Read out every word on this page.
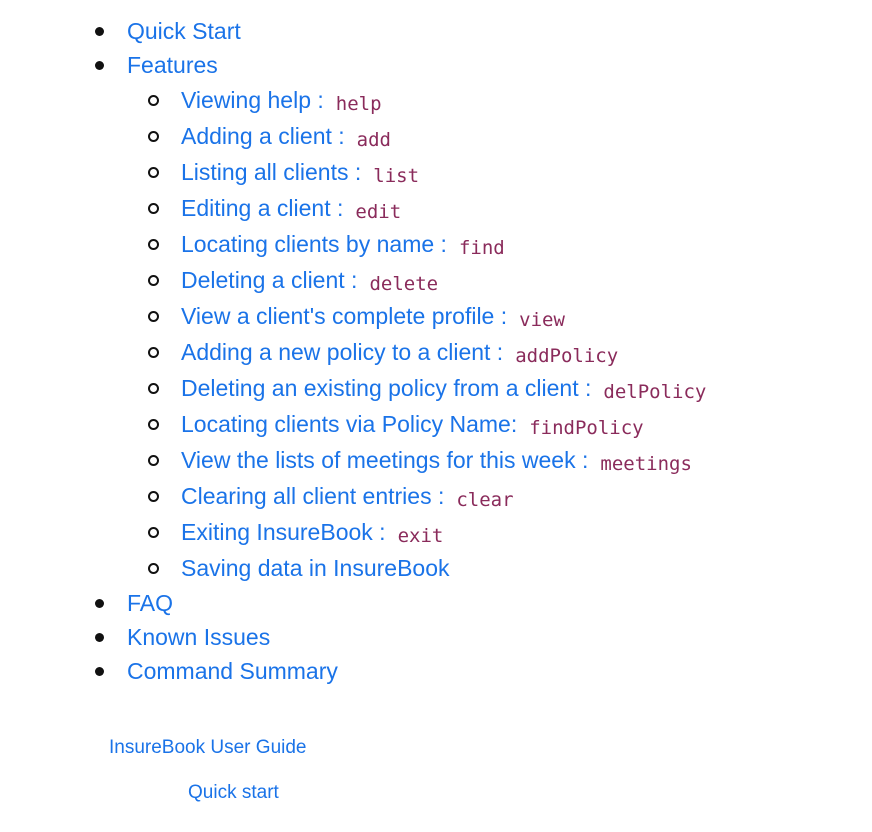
Quick Start
Features
Viewing help : help
Adding a client : add
Listing all clients : list
Editing a client : edit
Locating clients by name : find
Deleting a client : delete
View a client's complete profile : view
Adding a new policy to a client : addPolicy
Deleting an existing policy from a client : delPolicy
Locating clients via Policy Name: findPolicy
View the lists of meetings for this week : meetings
Clearing all client entries : clear
Exiting InsureBook : exit
Saving data in InsureBook
FAQ
Known Issues
Command Summary
InsureBook User Guide
Quick start
